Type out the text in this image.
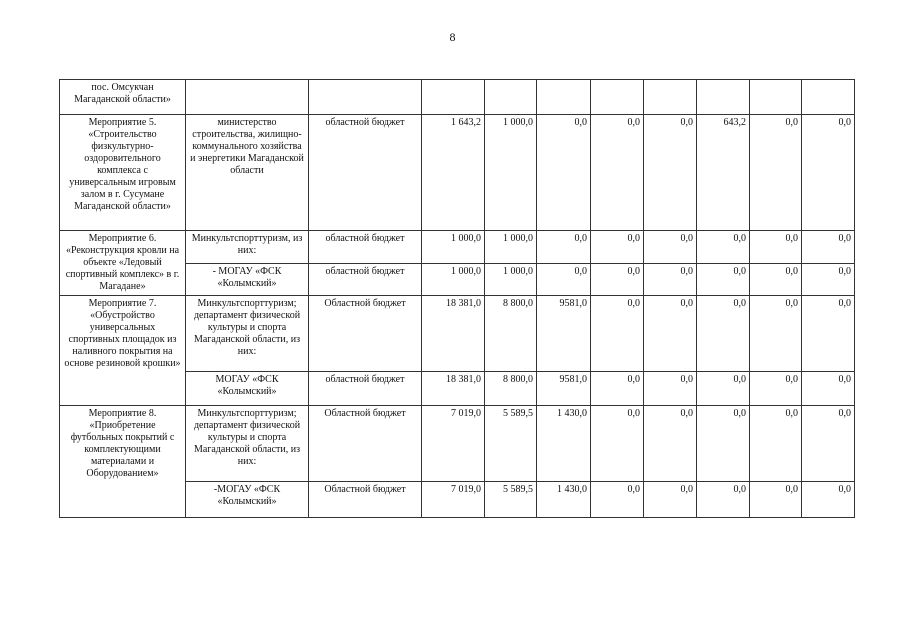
8
пос. Омсукчан Магаданской области»										
Мероприятие 5. «Строительство физкультурно-оздоровительного комплекса с универсальным игровым залом в г. Сусумане Магаданской области»	министерство строительства, жилищно-коммунального хозяйства и энергетики Магаданской области	областной бюджет	1 643,2	1 000,0	0,0	0,0	0,0	643,2	0,0	0,0
Мероприятие 6. «Реконструкция кровли на объекте «Ледовый спортивный комплекс» в г. Магадане»	Минкультспорттуризм, из них:	областной бюджет	1 000,0	1 000,0	0,0	0,0	0,0	0,0	0,0	0,0
	- МОГАУ «ФСК «Колымский»	областной бюджет	1 000,0	1 000,0	0,0	0,0	0,0	0,0	0,0	0,0
Мероприятие 7. «Обустройство универсальных спортивных площадок из наливного покрытия на основе резиновой крошки»	Минкультспорттуризм; департамент физической культуры и спорта Магаданской области, из них:	Областной бюджет	18 381,0	8 800,0	9581,0	0,0	0,0	0,0	0,0	0,0
	МОГАУ «ФСК «Колымский»	областной бюджет	18 381,0	8 800,0	9581,0	0,0	0,0	0,0	0,0	0,0
Мероприятие 8. «Приобретение футбольных покрытий с комплектующими материалами и Оборудованием»	Минкультспорттуризм; департамент физической культуры и спорта Магаданской области, из них:	Областной бюджет	7 019,0	5 589,5	1 430,0	0,0	0,0	0,0	0,0	0,0
	-МОГАУ «ФСК «Колымский»	Областной бюджет	7 019,0	5 589,5	1 430,0	0,0	0,0	0,0	0,0	0,0
